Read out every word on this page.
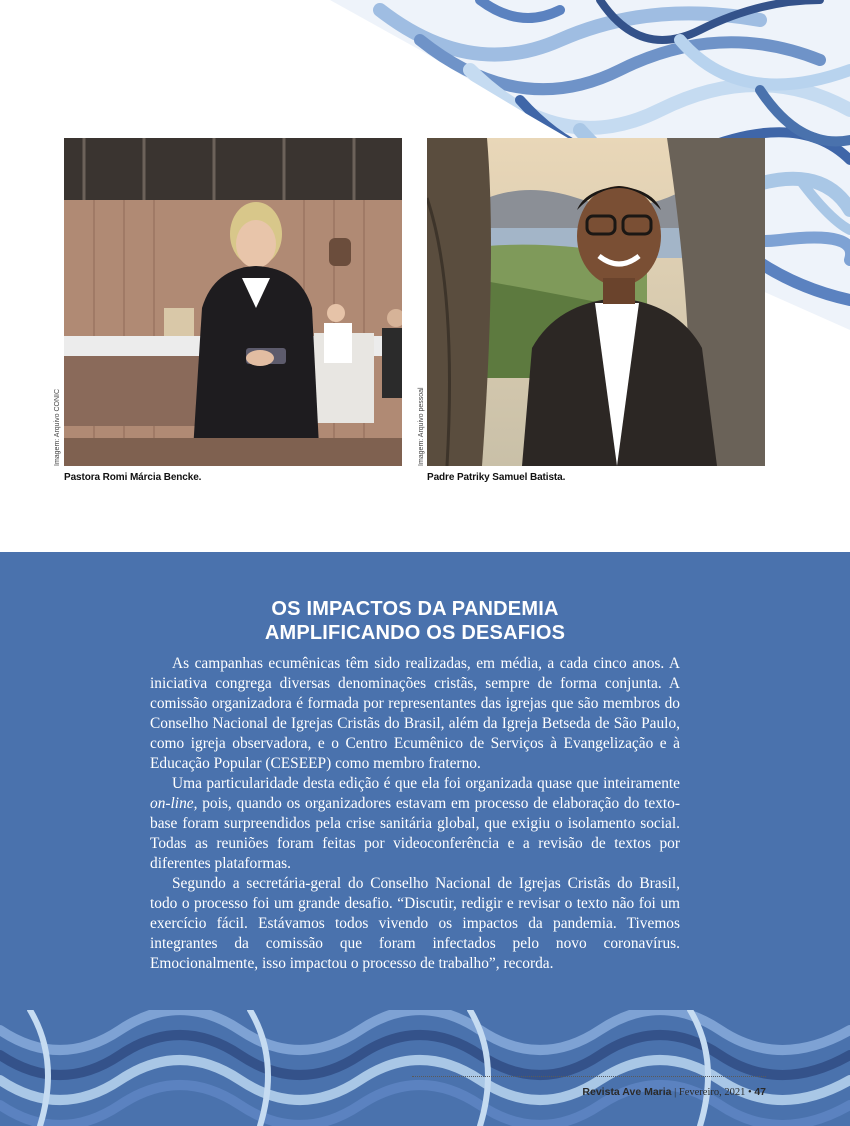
Imagem: Arquivo CONIC
Pastora Romi Márcia Bencke.
Imagem: Arquivo pessoal
Padre Patriky Samuel Batista.
OS IMPACTOS DA PANDEMIA
AMPLIFICANDO OS DESAFIOS

As campanhas ecumênicas têm sido realizadas, em média, a cada cinco anos. A iniciativa congrega diversas denominações cristãs, sempre de forma conjunta. A comissão organizadora é formada por representantes das igrejas que são membros do Conselho Nacional de Igrejas Cristãs do Brasil, além da Igreja Betseda de São Paulo, como igreja observadora, e o Centro Ecumênico de Serviços à Evangelização e à Educação Popular (CESEEP) como membro fraterno.

Uma particularidade desta edição é que ela foi organizada quase que inteiramente on-line, pois, quando os organizadores estavam em processo de elaboração do texto-base foram surpreendidos pela crise sanitária global, que exigiu o isolamento social. Todas as reuniões foram feitas por videoconferência e a revisão de textos por diferentes plataformas.

Segundo a secretária-geral do Conselho Nacional de Igrejas Cristãs do Brasil, todo o processo foi um grande desafio. “Discutir, redigir e revisar o texto não foi um exercício fácil. Estávamos todos vivendo os impactos da pandemia. Tivemos integrantes da comissão que foram infectados pelo novo coronavírus. Emocionalmente, isso impactou o processo de trabalho”, recorda.

Revista Ave Maria | Fevereiro, 2021 • 47
